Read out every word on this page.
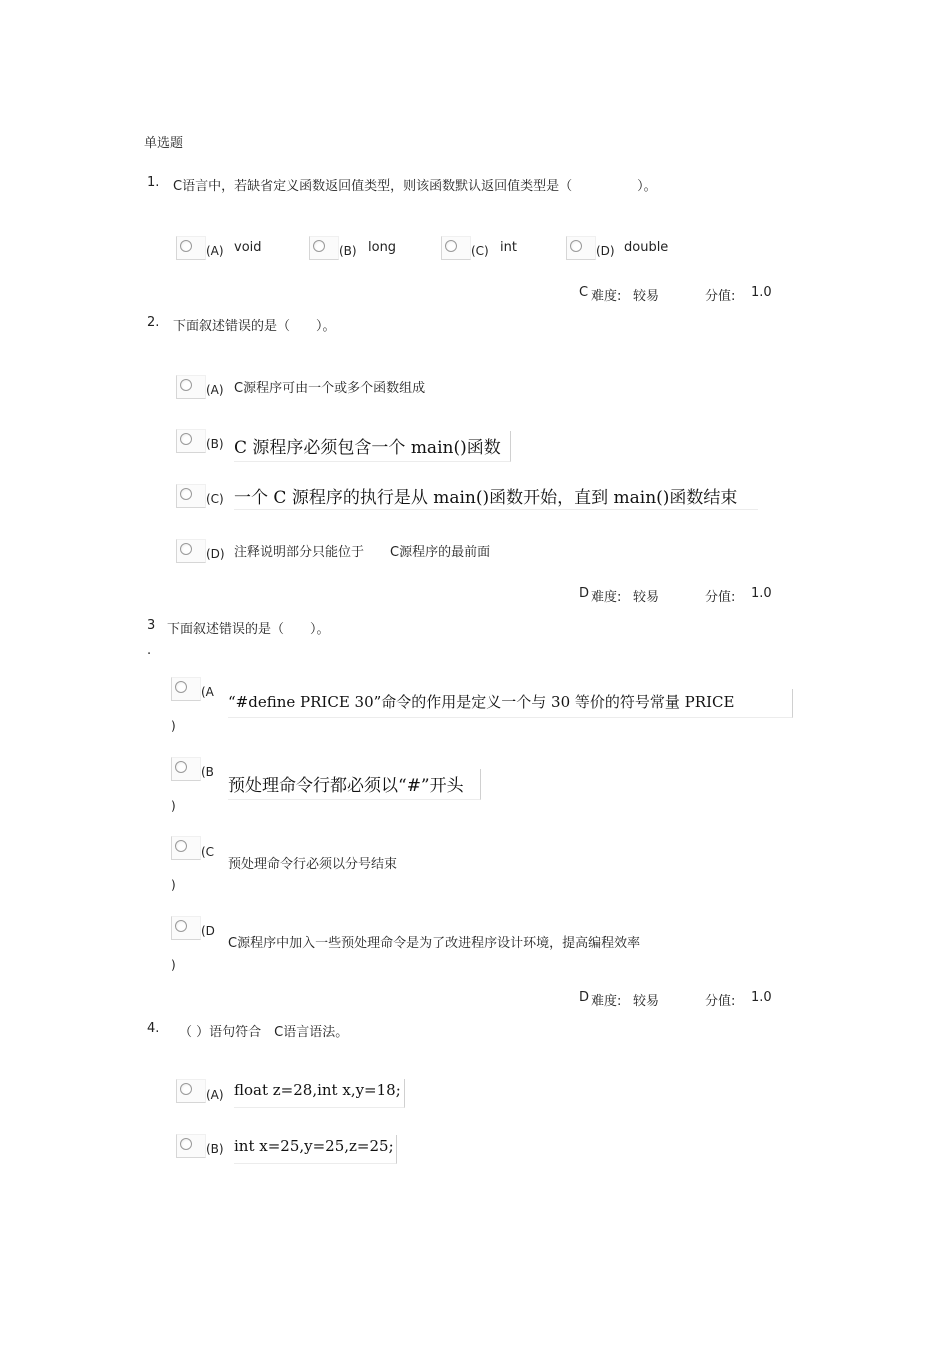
单选题
1. C语言中，若缺省定义函数返回值类型，则该函数默认返回值类型是（　　　　　）。
(A) void	(B) long	(C) int	(D) double
C 难度: 较易	分值: 1.0
2. 下面叙述错误的是（　　）。
(A) C源程序可由一个或多个函数组成
(B) C 源程序必须包含一个 main()函数
(C) 一个 C 源程序的执行是从 main()函数开始，直到 main()函数结束
(D) 注释说明部分只能位于　　C源程序的最前面
D 难度: 较易	分值: 1.0
3
.
下面叙述错误的是（　　）。
(A
)
“#define PRICE 30”命令的作用是定义一个与 30 等价的符号常量 PRICE
(B
)
预处理命令行都必须以“#”开头
(C
)
预处理命令行必须以分号结束
(D
)
C源程序中加入一些预处理命令是为了改进程序设计环境，提高编程效率
D 难度: 较易	分值: 1.0
4. （ ）语句符合　C语言语法。
(A) float z=28,int x,y=18;
(B) int x=25,y=25,z=25;
